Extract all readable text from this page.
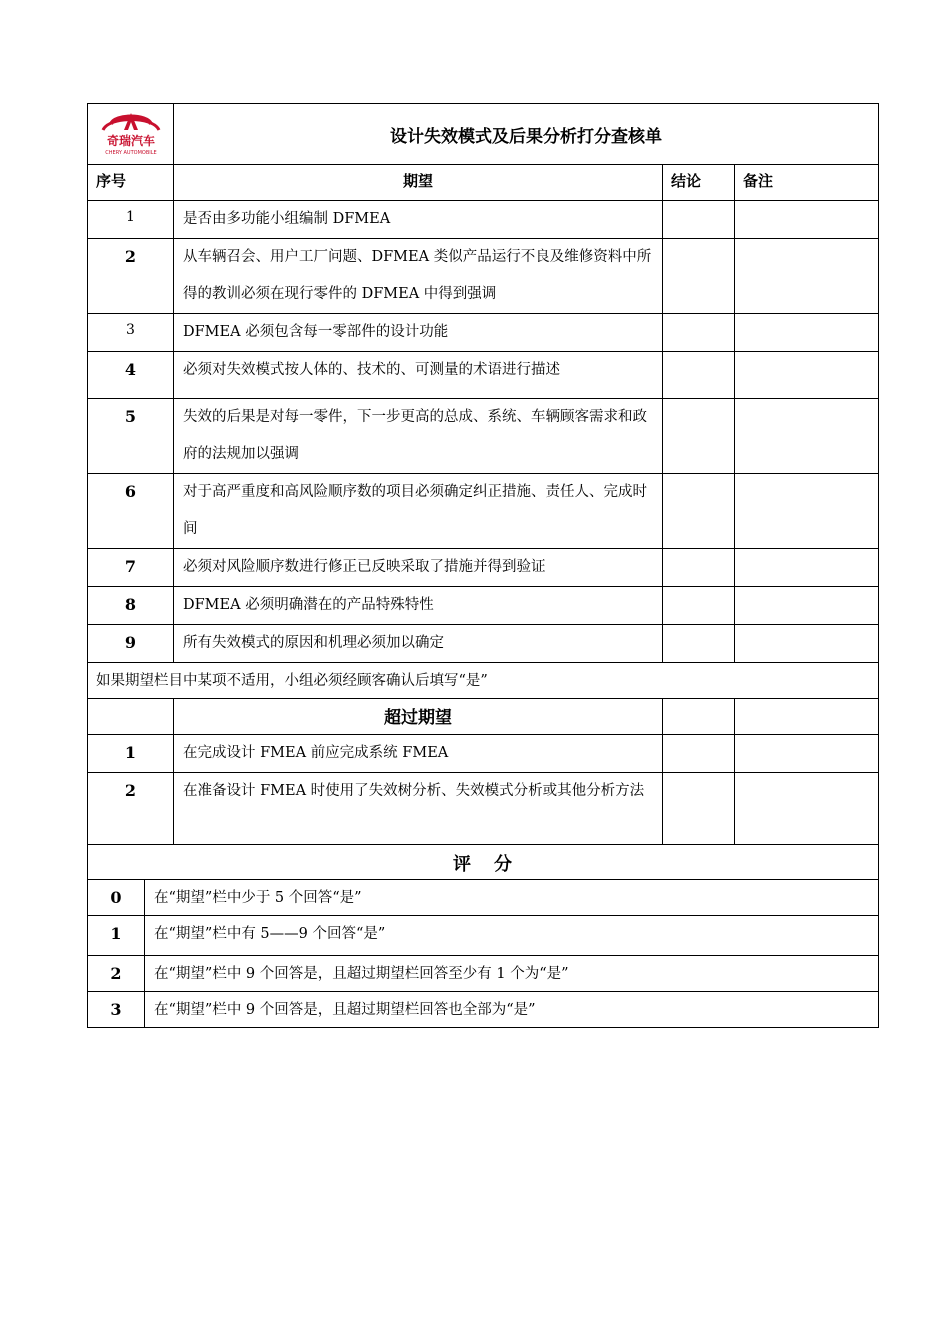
奇瑞汽车
CHERY AUTOMOBILE		设计失效模式及后果分析打分查核单		
序号		期望	结论	备注
1		是否由多功能小组编制 DFMEA		

2		从车辆召会、用户工厂问题、DFMEA 类似产品运行不良及维修资料中所得的教训必须在现行零件的 DFMEA 中得到强调		

3		DFMEA 必须包含每一零部件的设计功能		

4		必须对失效模式按人体的、技术的、可测量的术语进行描述		

5		失效的后果是对每一零件，下一步更高的总成、系统、车辆顾客需求和政府的法规加以强调		

6		对于高严重度和高风险顺序数的项目必须确定纠正措施、责任人、完成时间		

7		必须对风险顺序数进行修正已反映采取了措施并得到验证		

8		DFMEA 必须明确潜在的产品特殊特性		

9		所有失效模式的原因和机理必须加以确定		

如果期望栏目中某项不适用，小组必须经顾客确认后填写“是”				
		超过期望		
1		在完成设计 FMEA 前应完成系统 FMEA		

2		在准备设计 FMEA 时使用了失效树分析、失效模式分析或其他分析方法		

评 分				
0	在“期望”栏中少于 5 个回答“是”			
1	在“期望”栏中有 5——9 个回答“是”			
2	在“期望”栏中 9 个回答是，且超过期望栏回答至少有 1 个为“是”			
3	在“期望”栏中 9 个回答是，且超过期望栏回答也全部为“是”			
